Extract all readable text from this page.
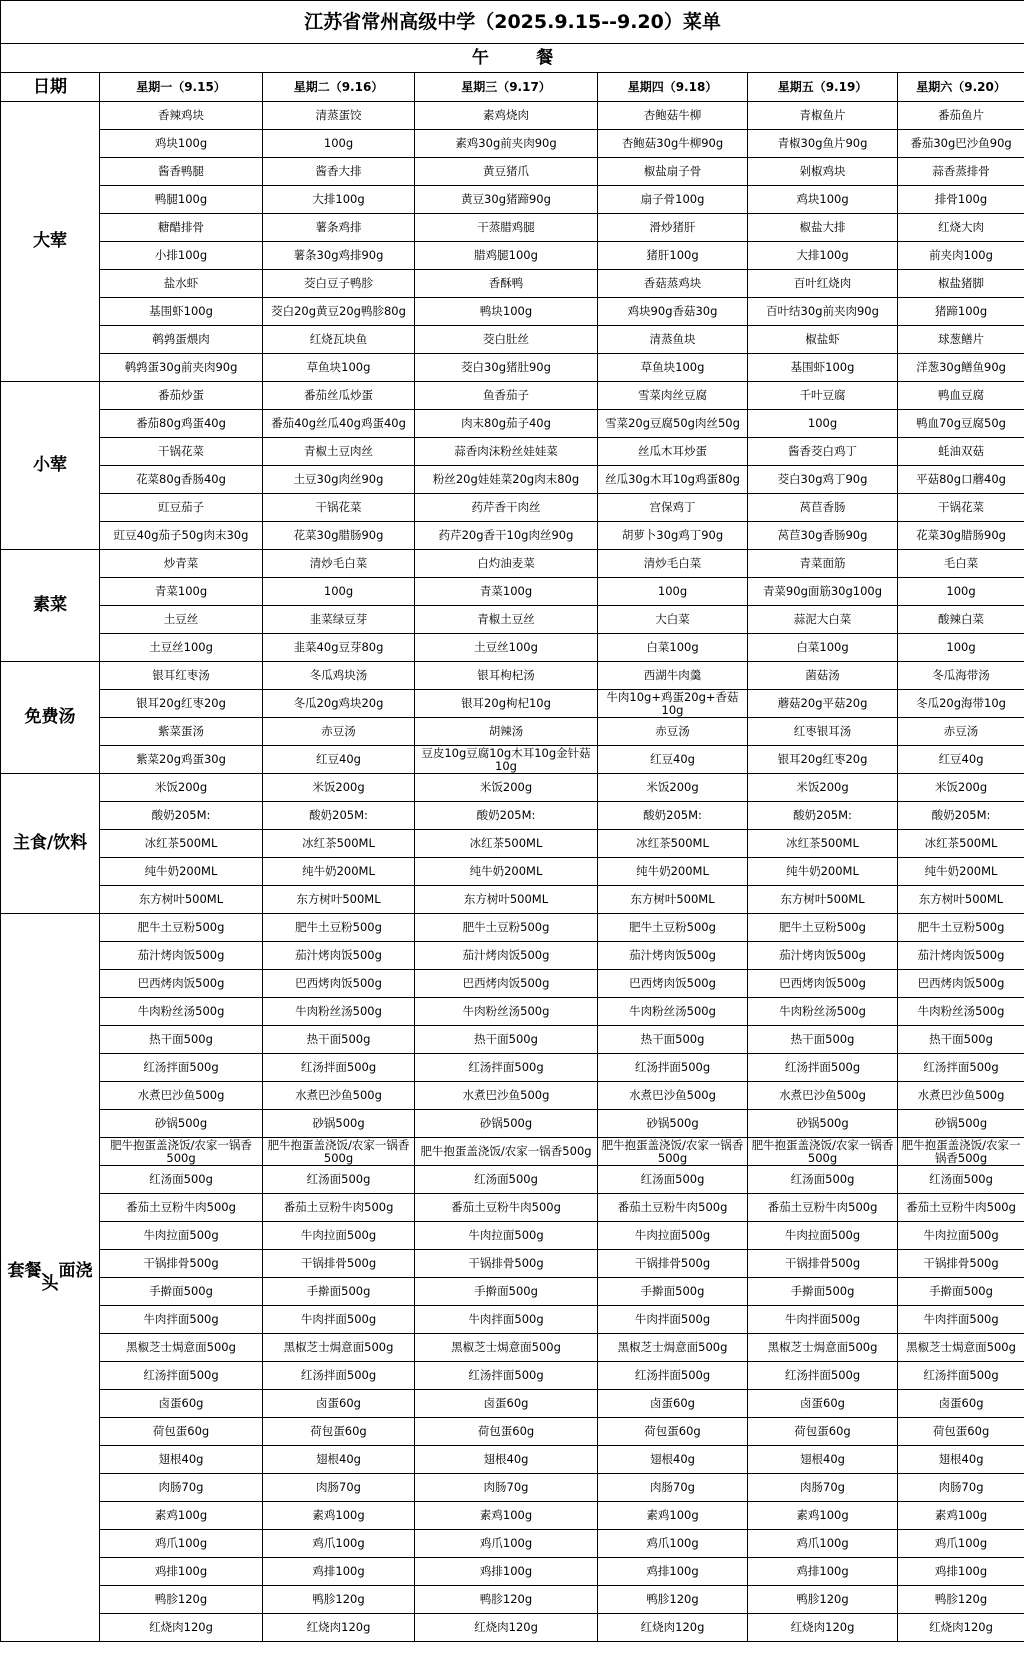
江苏省常州高级中学（2025.9.15--9.20）菜单						
午        餐						
日期	星期一（9.15）	星期二（9.16）	星期三（9.17）	星期四（9.18）	星期五（9.19）	星期六（9.20）
大荤	香辣鸡块	清蒸蛋饺	素鸡烧肉	杏鲍菇牛柳	青椒鱼片	番茄鱼片
	鸡块100g	100g	素鸡30g前夹肉90g	杏鲍菇30g牛柳90g	青椒30g鱼片90g	番茄30g巴沙鱼90g
	酱香鸭腿	酱香大排	黄豆猪爪	椒盐扇子骨	剁椒鸡块	蒜香蒸排骨
	鸭腿100g	大排100g	黄豆30g猪蹄90g	扇子骨100g	鸡块100g	排骨100g
	糖醋排骨	薯条鸡排	干蒸腊鸡腿	滑炒猪肝	椒盐大排	红烧大肉
	小排100g	薯条30g鸡排90g	腊鸡腿100g	猪肝100g	大排100g	前夹肉100g
	盐水虾	茭白豆子鸭胗	香酥鸭	香菇蒸鸡块	百叶红烧肉	椒盐猪脚
	基围虾100g	茭白20g黄豆20g鸭胗80g	鸭块100g	鸡块90g香菇30g	百叶结30g前夹肉90g	猪蹄100g
	鹌鹑蛋煨肉	红烧瓦块鱼	茭白肚丝	清蒸鱼块	椒盐虾	球葱鳝片
	鹌鹑蛋30g前夹肉90g	草鱼块100g	茭白30g猪肚90g	草鱼块100g	基围虾100g	洋葱30g鳝鱼90g
小荤	番茄炒蛋	番茄丝瓜炒蛋	鱼香茄子	雪菜肉丝豆腐	千叶豆腐	鸭血豆腐
	番茄80g鸡蛋40g	番茄40g丝瓜40g鸡蛋40g	肉末80g茄子40g	雪菜20g豆腐50g肉丝50g	100g	鸭血70g豆腐50g
	干锅花菜	青椒土豆肉丝	蒜香肉沫粉丝娃娃菜	丝瓜木耳炒蛋	酱香茭白鸡丁	蚝油双菇
	花菜80g香肠40g	土豆30g肉丝90g	粉丝20g娃娃菜20g肉末80g	丝瓜30g木耳10g鸡蛋80g	茭白30g鸡丁90g	平菇80g口蘑40g
	豇豆茄子	干锅花菜	药芹香干肉丝	宫保鸡丁	莴苣香肠	干锅花菜
	豇豆40g茄子50g肉末30g	花菜30g腊肠90g	药芹20g香干10g肉丝90g	胡萝卜30g鸡丁90g	莴苣30g香肠90g	花菜30g腊肠90g
素菜	炒青菜	清炒毛白菜	白灼油麦菜	清炒毛白菜	青菜面筋	毛白菜
	青菜100g	100g	青菜100g	100g	青菜90g面筋30g100g	100g
	土豆丝	韭菜绿豆芽	青椒土豆丝	大白菜	蒜泥大白菜	酸辣白菜
	土豆丝100g	韭菜40g豆芽80g	土豆丝100g	白菜100g	白菜100g	100g
免费汤	银耳红枣汤	冬瓜鸡块汤	银耳枸杞汤	西湖牛肉羹	菌菇汤	冬瓜海带汤
	银耳20g红枣20g	冬瓜20g鸡块20g	银耳20g枸杞10g	牛肉10g+鸡蛋20g+香菇10g	蘑菇20g平菇20g	冬瓜20g海带10g
	紫菜蛋汤	赤豆汤	胡辣汤	赤豆汤	红枣银耳汤	赤豆汤
	紫菜20g鸡蛋30g	红豆40g	豆皮10g豆腐10g木耳10g金针菇10g	红豆40g	银耳20g红枣20g	红豆40g
主食/饮料	米饭200g	米饭200g	米饭200g	米饭200g	米饭200g	米饭200g
	酸奶205M:	酸奶205M:	酸奶205M:	酸奶205M:	酸奶205M:	酸奶205M:
	冰红茶500ML	冰红茶500ML	冰红茶500ML	冰红茶500ML	冰红茶500ML	冰红茶500ML
	纯牛奶200ML	纯牛奶200ML	纯牛奶200ML	纯牛奶200ML	纯牛奶200ML	纯牛奶200ML
	东方树叶500ML	东方树叶500ML	东方树叶500ML	东方树叶500ML	东方树叶500ML	东方树叶500ML
套餐、面浇头	肥牛土豆粉500g	肥牛土豆粉500g	肥牛土豆粉500g	肥牛土豆粉500g	肥牛土豆粉500g	肥牛土豆粉500g
	茄汁烤肉饭500g	茄汁烤肉饭500g	茄汁烤肉饭500g	茄汁烤肉饭500g	茄汁烤肉饭500g	茄汁烤肉饭500g
	巴西烤肉饭500g	巴西烤肉饭500g	巴西烤肉饭500g	巴西烤肉饭500g	巴西烤肉饭500g	巴西烤肉饭500g
	牛肉粉丝汤500g	牛肉粉丝汤500g	牛肉粉丝汤500g	牛肉粉丝汤500g	牛肉粉丝汤500g	牛肉粉丝汤500g
	热干面500g	热干面500g	热干面500g	热干面500g	热干面500g	热干面500g
	红汤拌面500g	红汤拌面500g	红汤拌面500g	红汤拌面500g	红汤拌面500g	红汤拌面500g
	水煮巴沙鱼500g	水煮巴沙鱼500g	水煮巴沙鱼500g	水煮巴沙鱼500g	水煮巴沙鱼500g	水煮巴沙鱼500g
	砂锅500g	砂锅500g	砂锅500g	砂锅500g	砂锅500g	砂锅500g
	肥牛抱蛋盖浇饭/农家一锅香500g	肥牛抱蛋盖浇饭/农家一锅香500g	肥牛抱蛋盖浇饭/农家一锅香500g	肥牛抱蛋盖浇饭/农家一锅香500g	肥牛抱蛋盖浇饭/农家一锅香500g	肥牛抱蛋盖浇饭/农家一锅香500g
	红汤面500g	红汤面500g	红汤面500g	红汤面500g	红汤面500g	红汤面500g
	番茄土豆粉牛肉500g	番茄土豆粉牛肉500g	番茄土豆粉牛肉500g	番茄土豆粉牛肉500g	番茄土豆粉牛肉500g	番茄土豆粉牛肉500g
	牛肉拉面500g	牛肉拉面500g	牛肉拉面500g	牛肉拉面500g	牛肉拉面500g	牛肉拉面500g
	干锅排骨500g	干锅排骨500g	干锅排骨500g	干锅排骨500g	干锅排骨500g	干锅排骨500g
	手擀面500g	手擀面500g	手擀面500g	手擀面500g	手擀面500g	手擀面500g
	牛肉拌面500g	牛肉拌面500g	牛肉拌面500g	牛肉拌面500g	牛肉拌面500g	牛肉拌面500g
	黑椒芝士焗意面500g	黑椒芝士焗意面500g	黑椒芝士焗意面500g	黑椒芝士焗意面500g	黑椒芝士焗意面500g	黑椒芝士焗意面500g
	红汤拌面500g	红汤拌面500g	红汤拌面500g	红汤拌面500g	红汤拌面500g	红汤拌面500g
	卤蛋60g	卤蛋60g	卤蛋60g	卤蛋60g	卤蛋60g	卤蛋60g
	荷包蛋60g	荷包蛋60g	荷包蛋60g	荷包蛋60g	荷包蛋60g	荷包蛋60g
	翅根40g	翅根40g	翅根40g	翅根40g	翅根40g	翅根40g
	肉肠70g	肉肠70g	肉肠70g	肉肠70g	肉肠70g	肉肠70g
	素鸡100g	素鸡100g	素鸡100g	素鸡100g	素鸡100g	素鸡100g
	鸡爪100g	鸡爪100g	鸡爪100g	鸡爪100g	鸡爪100g	鸡爪100g
	鸡排100g	鸡排100g	鸡排100g	鸡排100g	鸡排100g	鸡排100g
	鸭胗120g	鸭胗120g	鸭胗120g	鸭胗120g	鸭胗120g	鸭胗120g
	红烧肉120g	红烧肉120g	红烧肉120g	红烧肉120g	红烧肉120g	红烧肉120g
